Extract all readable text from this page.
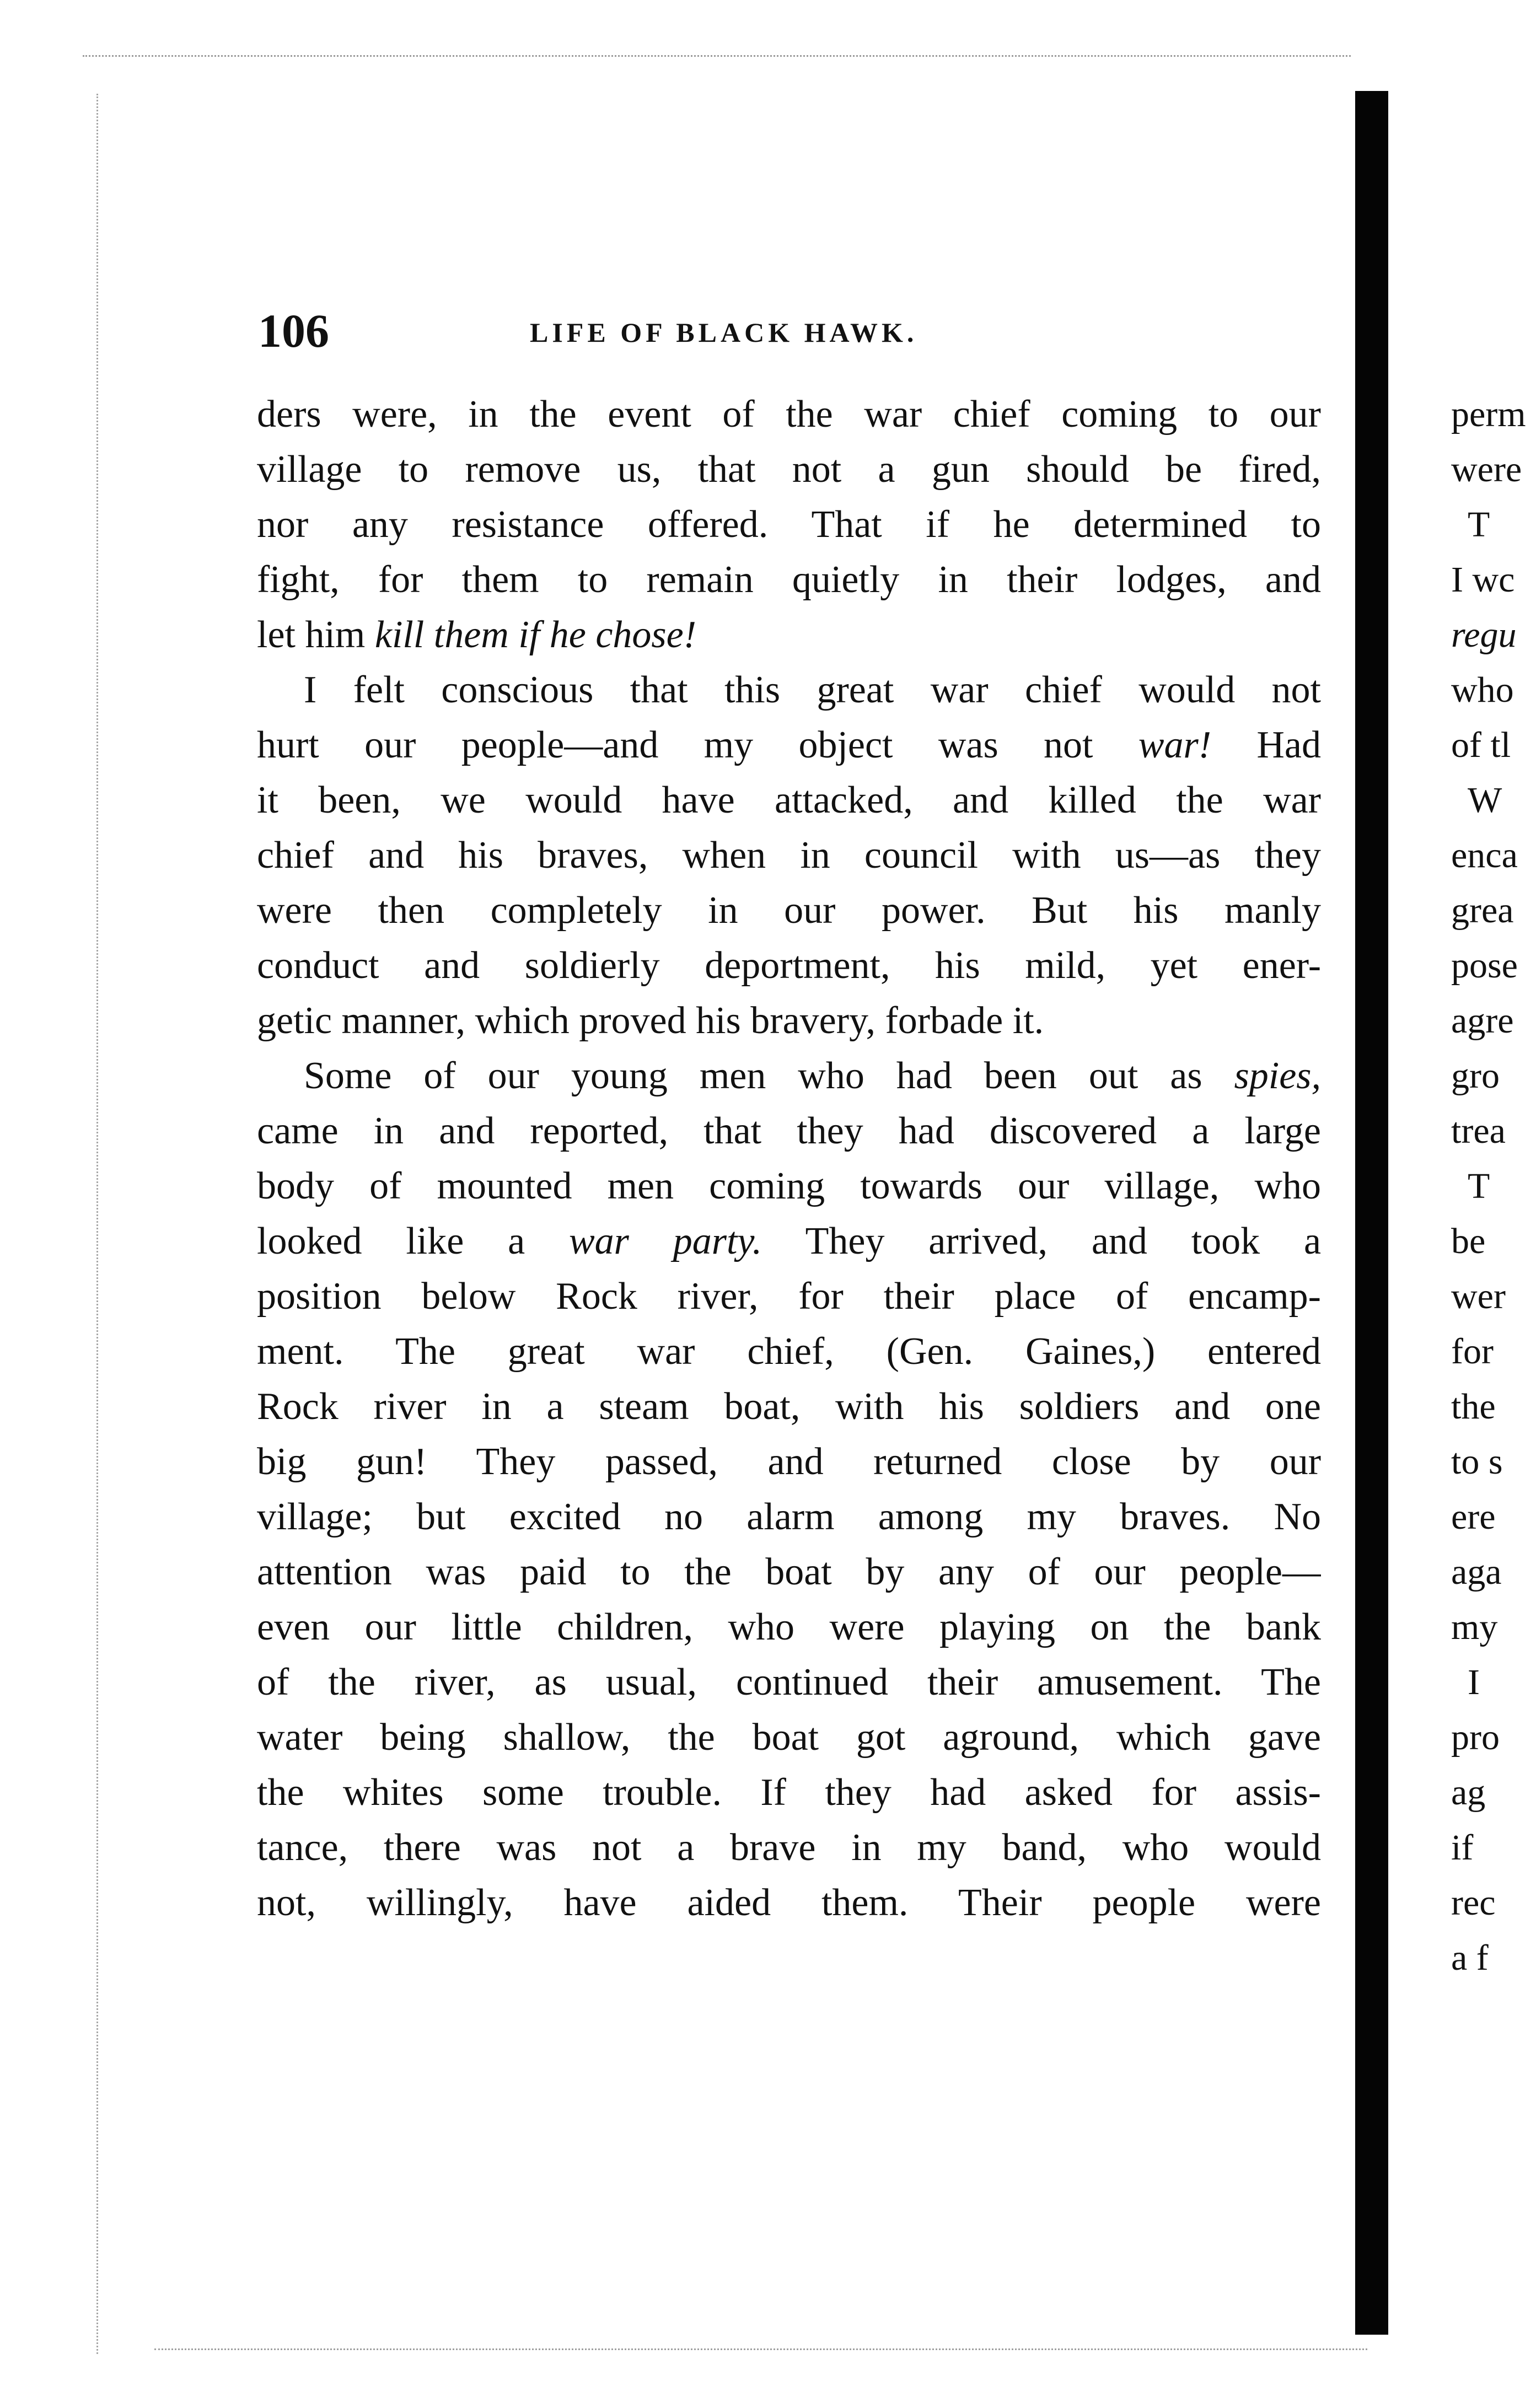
106	LIFE OF BLACK HAWK.
ders were, in the event of the war chief coming to our
village to remove us, that not a gun should be fired,
nor any resistance offered. That if he determined to
fight, for them to remain quietly in their lodges, and
let him kill them if he chose!
I felt conscious that this great war chief would not
hurt our people—and my object was not war! Had
it been, we would have attacked, and killed the war
chief and his braves, when in council with us—as they
were then completely in our power. But his manly
conduct and soldierly deportment, his mild, yet ener-
getic manner, which proved his bravery, forbade it.
Some of our young men who had been out as spies,
came in and reported, that they had discovered a large
body of mounted men coming towards our village, who
looked like a war party. They arrived, and took a
position below Rock river, for their place of encamp-
ment. The great war chief, (Gen. Gaines,) entered
Rock river in a steam boat, with his soldiers and one
big gun! They passed, and returned close by our
village; but excited no alarm among my braves. No
attention was paid to the boat by any of our people—
even our little children, who were playing on the bank
of the river, as usual, continued their amusement. The
water being shallow, the boat got aground, which gave
the whites some trouble. If they had asked for assis-
tance, there was not a brave in my band, who would
not, willingly, have aided them. Their people were
perm
were
T
I wc
regu
who
of tl
W
enca
grea
pose
agre
gro
trea
T
be
wer
for
the
to s
ere
aga
my
I
pro
ag
if
rec
a f
